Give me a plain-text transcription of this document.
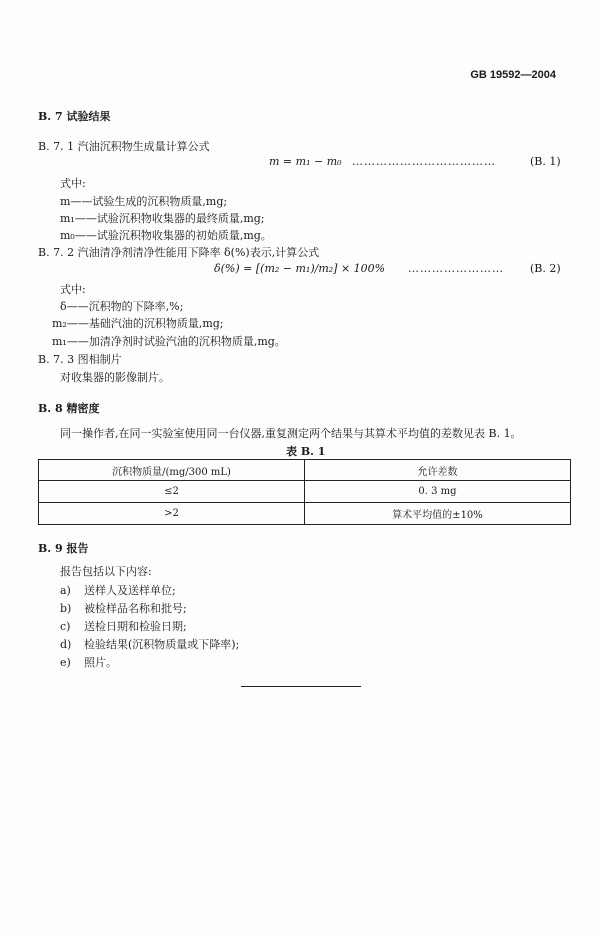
GB 19592—2004
B. 7 试验结果
B. 7. 1 汽油沉积物生成量计算公式
m = m₁ − m₀ ………………………………	(B. 1)
式中:
m——试验生成的沉积物质量,mg;
m₁——试验沉积物收集器的最终质量,mg;
m₀——试验沉积物收集器的初始质量,mg。
B. 7. 2 汽油清净剂清净性能用下降率 δ(%)表示,计算公式
δ(%) = [(m₂ − m₁)/m₂] × 100% …………………… (B. 2)
式中:
δ——沉积物的下降率,%;
m₂——基础汽油的沉积物质量,mg;
m₁——加清净剂时试验汽油的沉积物质量,mg。
B. 7. 3 图相制片
对收集器的影像制片。
B. 8 精密度
同一操作者,在同一实验室使用同一台仪器,重复测定两个结果与其算术平均值的差数见表 B. 1。
表 B. 1
沉积物质量/(mg/300 mL)	允许差数
≤2	0. 3 mg
>2	算术平均值的±10%
B. 9 报告
报告包括以下内容:
a) 送样人及送样单位;
b) 被检样品名称和批号;
c) 送检日期和检验日期;
d) 检验结果(沉积物质量或下降率);
e) 照片。
